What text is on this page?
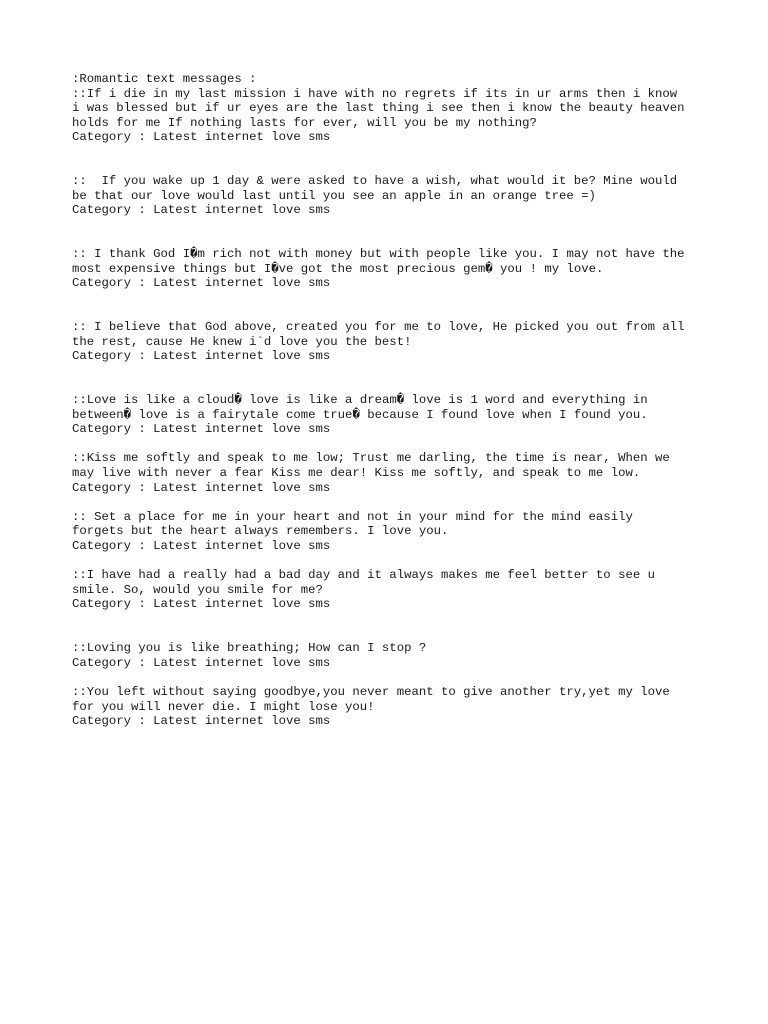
:Romantic text messages :
::If i die in my last mission i have with no regrets if its in ur arms then i know
i was blessed but if ur eyes are the last thing i see then i know the beauty heaven
holds for me If nothing lasts for ever, will you be my nothing?
Category : Latest internet love sms
::  If you wake up 1 day & were asked to have a wish, what would it be? Mine would
be that our love would last until you see an apple in an orange tree =)
Category : Latest internet love sms
:: I thank God I�m rich not with money but with people like you. I may not have the
most expensive things but I�ve got the most precious gem� you ! my love.
Category : Latest internet love sms
:: I believe that God above, created you for me to love, He picked you out from all
the rest, cause He knew i`d love you the best!
Category : Latest internet love sms
::Love is like a cloud� love is like a dream� love is 1 word and everything in
between� love is a fairytale come true� because I found love when I found you.
Category : Latest internet love sms
::Kiss me softly and speak to me low; Trust me darling, the time is near, When we
may live with never a fear Kiss me dear! Kiss me softly, and speak to me low.
Category : Latest internet love sms
:: Set a place for me in your heart and not in your mind for the mind easily
forgets but the heart always remembers. I love you.
Category : Latest internet love sms
::I have had a really had a bad day and it always makes me feel better to see u
smile. So, would you smile for me?
Category : Latest internet love sms
::Loving you is like breathing; How can I stop ?
Category : Latest internet love sms
::You left without saying goodbye,you never meant to give another try,yet my love
for you will never die. I might lose you!
Category : Latest internet love sms
